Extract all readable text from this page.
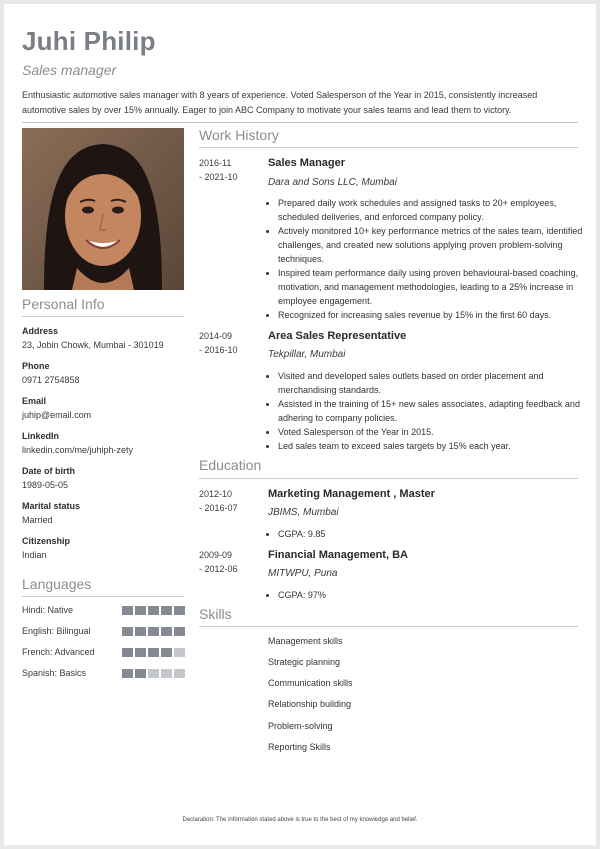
Juhi Philip
Sales manager
Enthusiastic automotive sales manager with 8 years of experience. Voted Salesperson of the Year in 2015, consistently increased automotive sales by over 15% annually. Eager to join ABC Company to motivate your sales teams and lead them to victory.
Personal Info
Address
23, Jobin Chowk, Mumbai - 301019
Phone
0971 2754858
Email
juhip@email.com
LinkedIn
linkedin.com/me/juhiph-zety
Date of birth
1989-05-05
Marital status
Married
Citizenship
Indian
Languages
Hindi: Native
English: Bilingual
French: Advanced
Spanish: Basics
Work History
2016-11
- 2021-10
Sales Manager
Dara and Sons LLC, Mumbai
• Prepared daily work schedules and assigned tasks to 20+ employees, scheduled deliveries, and enforced company policy.
• Actively monitored 10+ key performance metrics of the sales team, identified challenges, and created new solutions applying proven problem-solving techniques.
• Inspired team performance daily using proven behavioural-based coaching, motivation, and management methodologies, leading to a 25% increase in employee engagement.
• Recognized for increasing sales revenue by 15% in the first 60 days.
2014-09
- 2016-10
Area Sales Representative
Tekpillar, Mumbai
• Visited and developed sales outlets based on order placement and merchandising standards.
• Assisted in the training of 15+ new sales associates, adapting feedback and adhering to company policies.
• Voted Salesperson of the Year in 2015.
• Led sales team to exceed sales targets by 15% each year.
Education
2012-10
- 2016-07
Marketing Management , Master
JBIMS, Mumbai
• CGPA: 9.85
2009-09
- 2012-06
Financial Management, BA
MITWPU, Puna
• CGPA: 97%
Skills
Management skills
Strategic planning
Communication skills
Relationship building
Problem-solving
Reporting Skills
Declaration: The information stated above is true to the best of my knowledge and belief.
